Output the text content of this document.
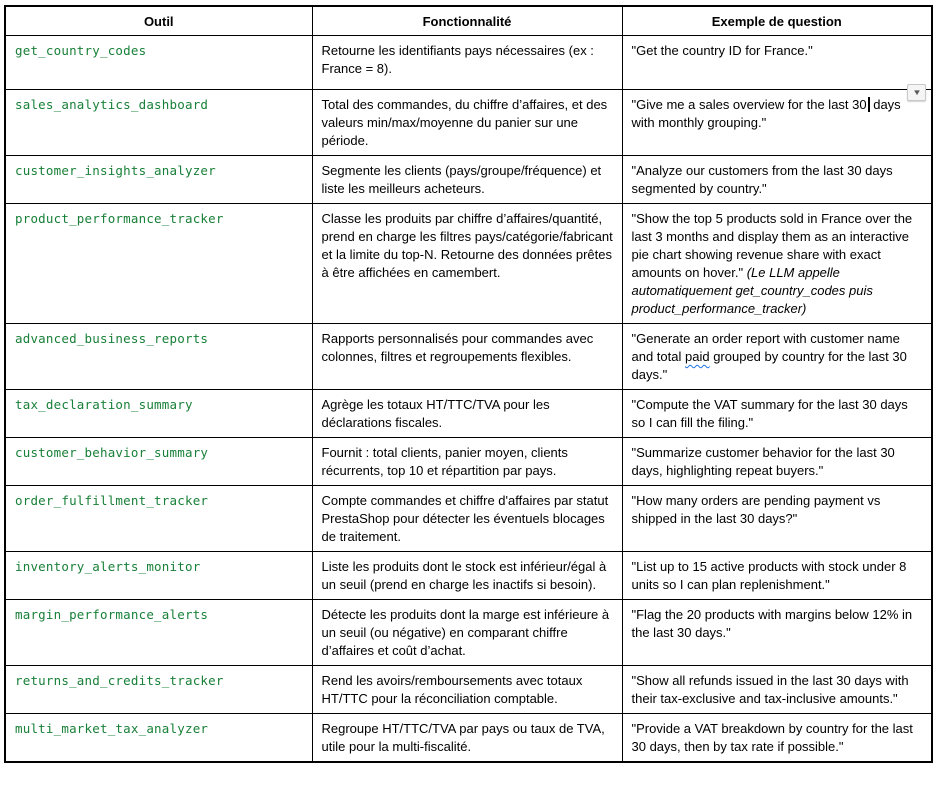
Outil	Fonctionnalité	Exemple de question
get_country_codes	Retourne les identifiants pays nécessaires (ex : France = 8).	"Get the country ID for France."
sales_analytics_dashboard	Total des commandes, du chiffre d’affaires, et des valeurs min/max/moyenne du panier sur une période.	"Give me a sales overview for the last 30 days with monthly grouping."
customer_insights_analyzer	Segmente les clients (pays/groupe/fréquence) et liste les meilleurs acheteurs.	"Analyze our customers from the last 30 days segmented by country."
product_performance_tracker	Classe les produits par chiffre d’affaires/quantité, prend en charge les filtres pays/catégorie/fabricant et la limite du top-N. Retourne des données prêtes à être affichées en camembert.	"Show the top 5 products sold in France over the last 3 months and display them as an interactive pie chart showing revenue share with exact amounts on hover." (Le LLM appelle automatiquement get_country_codes puis product_performance_tracker)
advanced_business_reports	Rapports personnalisés pour commandes avec colonnes, filtres et regroupements flexibles.	"Generate an order report with customer name and total paid grouped by country for the last 30 days."
tax_declaration_summary	Agrège les totaux HT/TTC/TVA pour les déclarations fiscales.	"Compute the VAT summary for the last 30 days so I can fill the filing."
customer_behavior_summary	Fournit : total clients, panier moyen, clients récurrents, top 10 et répartition par pays.	"Summarize customer behavior for the last 30 days, highlighting repeat buyers."
order_fulfillment_tracker	Compte commandes et chiffre d'affaires par statut PrestaShop pour détecter les éventuels blocages de traitement.	"How many orders are pending payment vs shipped in the last 30 days?"
inventory_alerts_monitor	Liste les produits dont le stock est inférieur/égal à un seuil (prend en charge les inactifs si besoin).	"List up to 15 active products with stock under 8 units so I can plan replenishment."
margin_performance_alerts	Détecte les produits dont la marge est inférieure à un seuil (ou négative) en comparant chiffre d’affaires et coût d’achat.	"Flag the 20 products with margins below 12% in the last 30 days."
returns_and_credits_tracker	Rend les avoirs/remboursements avec totaux HT/TTC pour la réconciliation comptable.	"Show all refunds issued in the last 30 days with their tax-exclusive and tax-inclusive amounts."
multi_market_tax_analyzer	Regroupe HT/TTC/TVA par pays ou taux de TVA, utile pour la multi-fiscalité.	"Provide a VAT breakdown by country for the last 30 days, then by tax rate if possible."
▼
